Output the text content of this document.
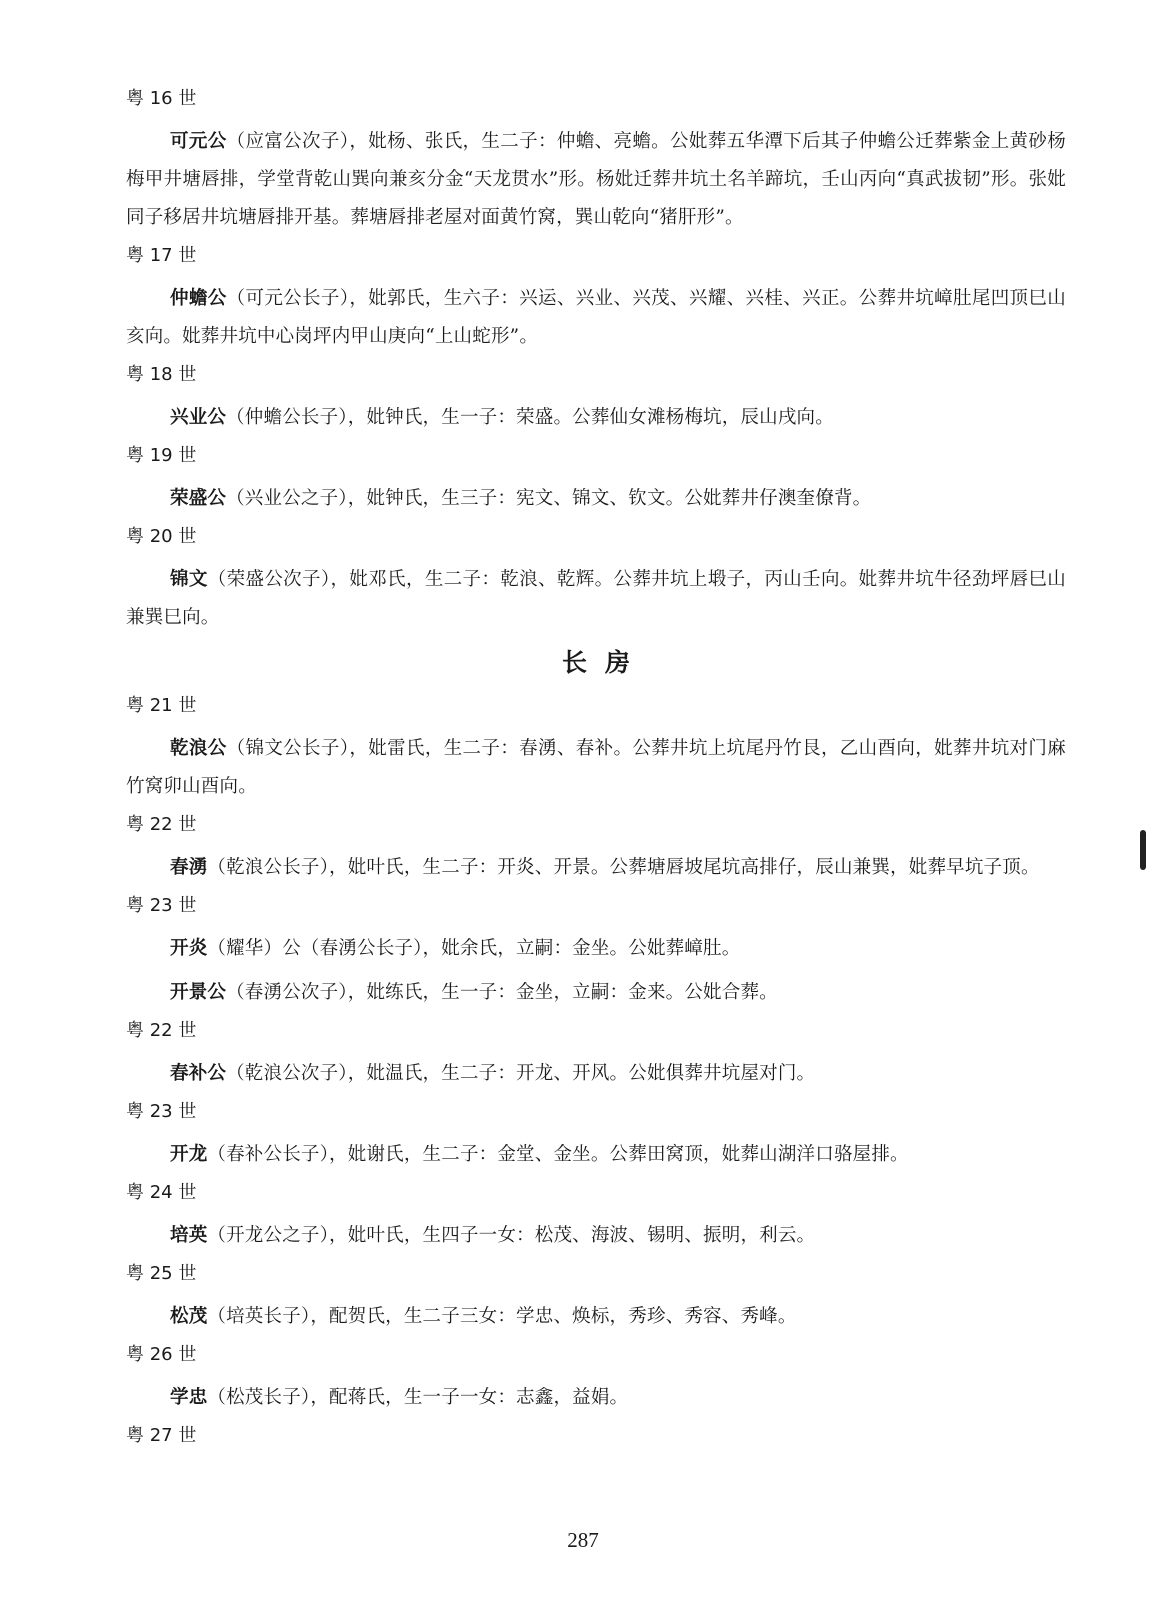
粤 16 世
可元公（应富公次子），妣杨、张氏，生二子：仲蟾、亮蟾。公妣葬五华潭下后其子仲蟾公迁葬紫金上黄砂杨梅甲井塘唇排，学堂背乾山巽向兼亥分金“天龙贯水”形。杨妣迁葬井坑土名羊蹄坑，壬山丙向“真武拔韧”形。张妣同子移居井坑塘唇排开基。葬塘唇排老屋对面黄竹窝，巽山乾向“猪肝形”。
粤 17 世
仲蟾公（可元公长子），妣郭氏，生六子：兴运、兴业、兴茂、兴耀、兴桂、兴正。公葬井坑嶂肚尾凹顶巳山亥向。妣葬井坑中心岗坪内甲山庚向“上山蛇形”。
粤 18 世
兴业公（仲蟾公长子），妣钟氏，生一子：荣盛。公葬仙女滩杨梅坑，辰山戌向。
粤 19 世
荣盛公（兴业公之子），妣钟氏，生三子：宪文、锦文、钦文。公妣葬井仔澳奎僚背。
粤 20 世
锦文（荣盛公次子），妣邓氏，生二子：乾浪、乾辉。公葬井坑上塅子，丙山壬向。妣葬井坑牛径劲坪唇巳山兼巽巳向。
长房
粤 21 世
乾浪公（锦文公长子），妣雷氏，生二子：春湧、春补。公葬井坑上坑尾丹竹艮，乙山酉向，妣葬井坑对门麻竹窝卯山酉向。
粤 22 世
春湧（乾浪公长子），妣叶氏，生二子：开炎、开景。公葬塘唇坡尾坑高排仔，辰山兼巽，妣葬早坑子顶。
粤 23 世
开炎（耀华）公（春湧公长子），妣余氏，立嗣：金坐。公妣葬嶂肚。
开景公（春湧公次子），妣练氏，生一子：金坐，立嗣：金来。公妣合葬。
粤 22 世
春补公（乾浪公次子），妣温氏，生二子：开龙、开风。公妣俱葬井坑屋对门。
粤 23 世
开龙（春补公长子），妣谢氏，生二子：金堂、金坐。公葬田窝顶，妣葬山湖洋口骆屋排。
粤 24 世
培英（开龙公之子），妣叶氏，生四子一女：松茂、海波、锡明、振明，利云。
粤 25 世
松茂（培英长子），配贺氏，生二子三女：学忠、焕标，秀珍、秀容、秀峰。
粤 26 世
学忠（松茂长子），配蒋氏，生一子一女：志鑫，益娟。
粤 27 世
287
